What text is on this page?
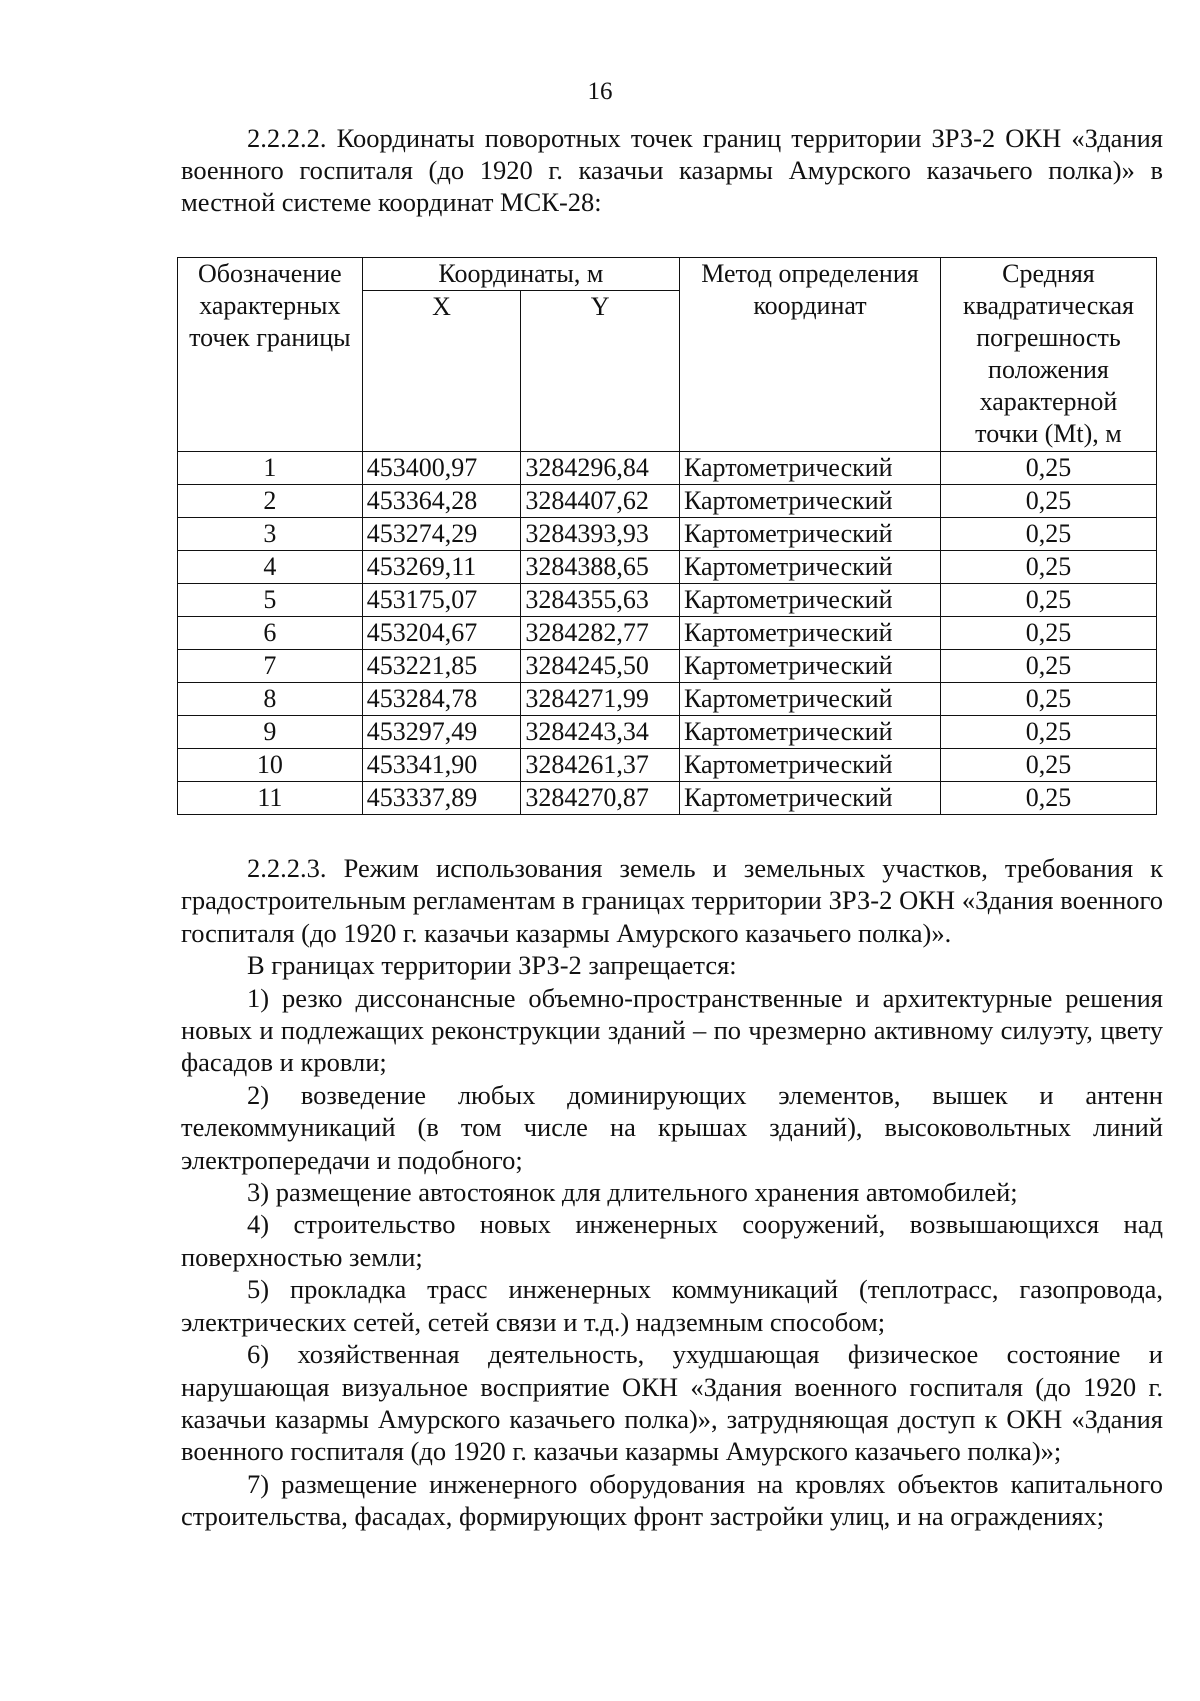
16

2.2.2.2. Координаты поворотных точек границ территории ЗРЗ-2 ОКН «Здания военного госпиталя (до 1920 г. казачьи казармы Амурского казачьего полка)» в местной системе координат МСК-28:

Обозначение характерных точек границы	Координаты, м		Метод определения координат	Средняя квадратическая погрешность положения характерной точки (Mt), м
	X	Y		
1	453400,97	3284296,84	Картометрический	0,25
2	453364,28	3284407,62	Картометрический	0,25
3	453274,29	3284393,93	Картометрический	0,25
4	453269,11	3284388,65	Картометрический	0,25
5	453175,07	3284355,63	Картометрический	0,25
6	453204,67	3284282,77	Картометрический	0,25
7	453221,85	3284245,50	Картометрический	0,25
8	453284,78	3284271,99	Картометрический	0,25
9	453297,49	3284243,34	Картометрический	0,25
10	453341,90	3284261,37	Картометрический	0,25
11	453337,89	3284270,87	Картометрический	0,25

2.2.2.3. Режим использования земель и земельных участков, требования к градостроительным регламентам в границах территории ЗРЗ-2 ОКН «Здания военного госпиталя (до 1920 г. казачьи казармы Амурского казачьего полка)».

В границах территории ЗРЗ-2 запрещается:

1) резко диссонансные объемно-пространственные и архитектурные решения новых и подлежащих реконструкции зданий – по чрезмерно активному силуэту, цвету фасадов и кровли;

2) возведение любых доминирующих элементов, вышек и антенн телекоммуникаций (в том числе на крышах зданий), высоковольтных линий электропередачи и подобного;

3) размещение автостоянок для длительного хранения автомобилей;

4) строительство новых инженерных сооружений, возвышающихся над поверхностью земли;

5) прокладка трасс инженерных коммуникаций (теплотрасс, газопровода, электрических сетей, сетей связи и т.д.) надземным способом;

6) хозяйственная деятельность, ухудшающая физическое состояние и нарушающая визуальное восприятие ОКН «Здания военного госпиталя (до 1920 г. казачьи казармы Амурского казачьего полка)», затрудняющая доступ к ОКН «Здания военного госпиталя (до 1920 г. казачьи казармы Амурского казачьего полка)»;

7) размещение инженерного оборудования на кровлях объектов капитального строительства, фасадах, формирующих фронт застройки улиц, и на ограждениях;
